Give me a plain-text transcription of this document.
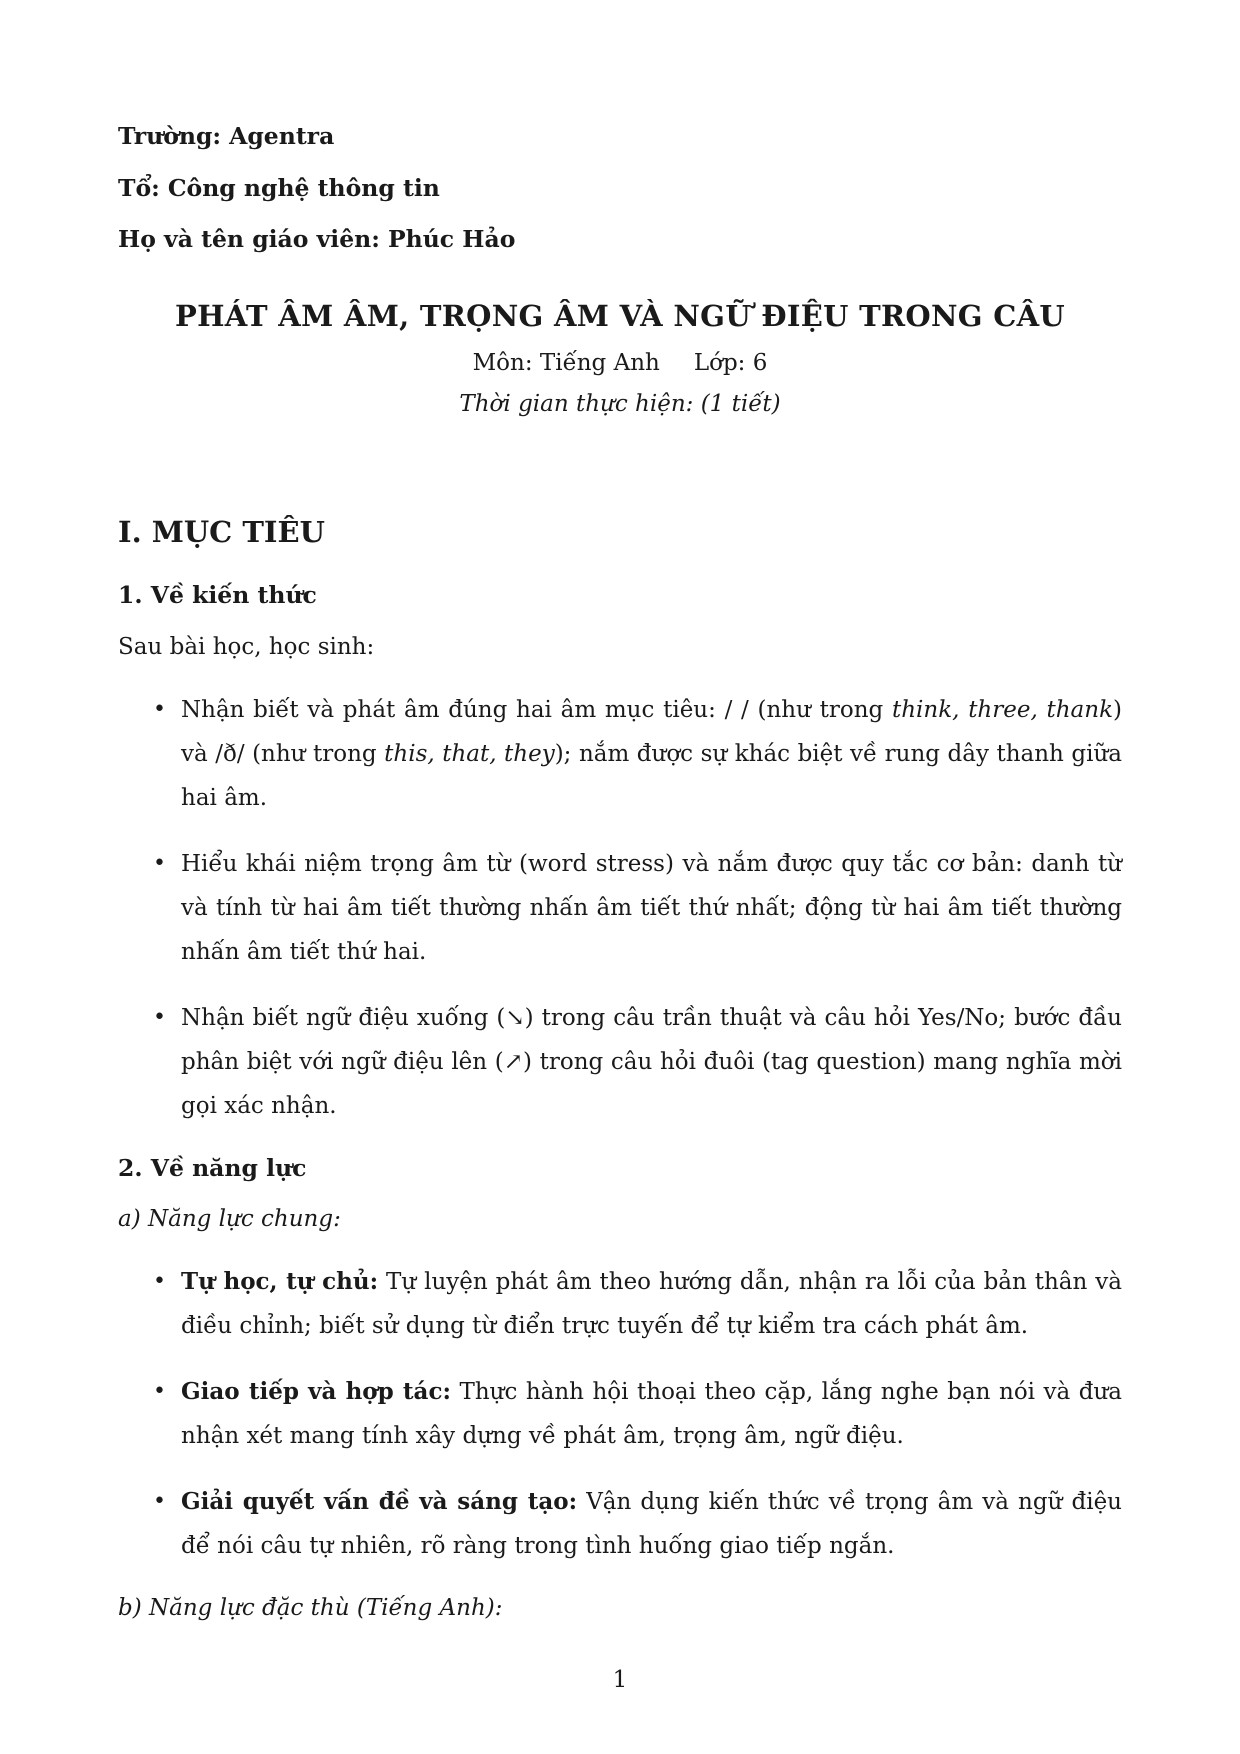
Trường: Agentra
Tổ: Công nghệ thông tin
Họ và tên giáo viên: Phúc Hảo
PHÁT ÂM ÂM, TRỌNG ÂM VÀ NGỮ ĐIỆU TRONG CÂU

Môn: Tiếng Anh Lớp: 6

Thời gian thực hiện: (1 tiết)

I. MỤC TIÊU
1. Về kiến thức

Sau bài học, học sinh:

• Nhận biết và phát âm đúng hai âm mục tiêu: / / (như trong think, three, thank) và /ð/ (như trong this, that, they); nắm được sự khác biệt về rung dây thanh giữa hai âm.
• Hiểu khái niệm trọng âm từ (word stress) và nắm được quy tắc cơ bản: danh từ và tính từ hai âm tiết thường nhấn âm tiết thứ nhất; động từ hai âm tiết thường nhấn âm tiết thứ hai.
• Nhận biết ngữ điệu xuống (↘) trong câu trần thuật và câu hỏi Yes/No; bước đầu phân biệt với ngữ điệu lên (↗) trong câu hỏi đuôi (tag question) mang nghĩa mời gọi xác nhận.
2. Về năng lực

a) Năng lực chung:

• Tự học, tự chủ: Tự luyện phát âm theo hướng dẫn, nhận ra lỗi của bản thân và điều chỉnh; biết sử dụng từ điển trực tuyến để tự kiểm tra cách phát âm.
• Giao tiếp và hợp tác: Thực hành hội thoại theo cặp, lắng nghe bạn nói và đưa nhận xét mang tính xây dựng về phát âm, trọng âm, ngữ điệu.
• Giải quyết vấn đề và sáng tạo: Vận dụng kiến thức về trọng âm và ngữ điệu để nói câu tự nhiên, rõ ràng trong tình huống giao tiếp ngắn.

b) Năng lực đặc thù (Tiếng Anh):

1
